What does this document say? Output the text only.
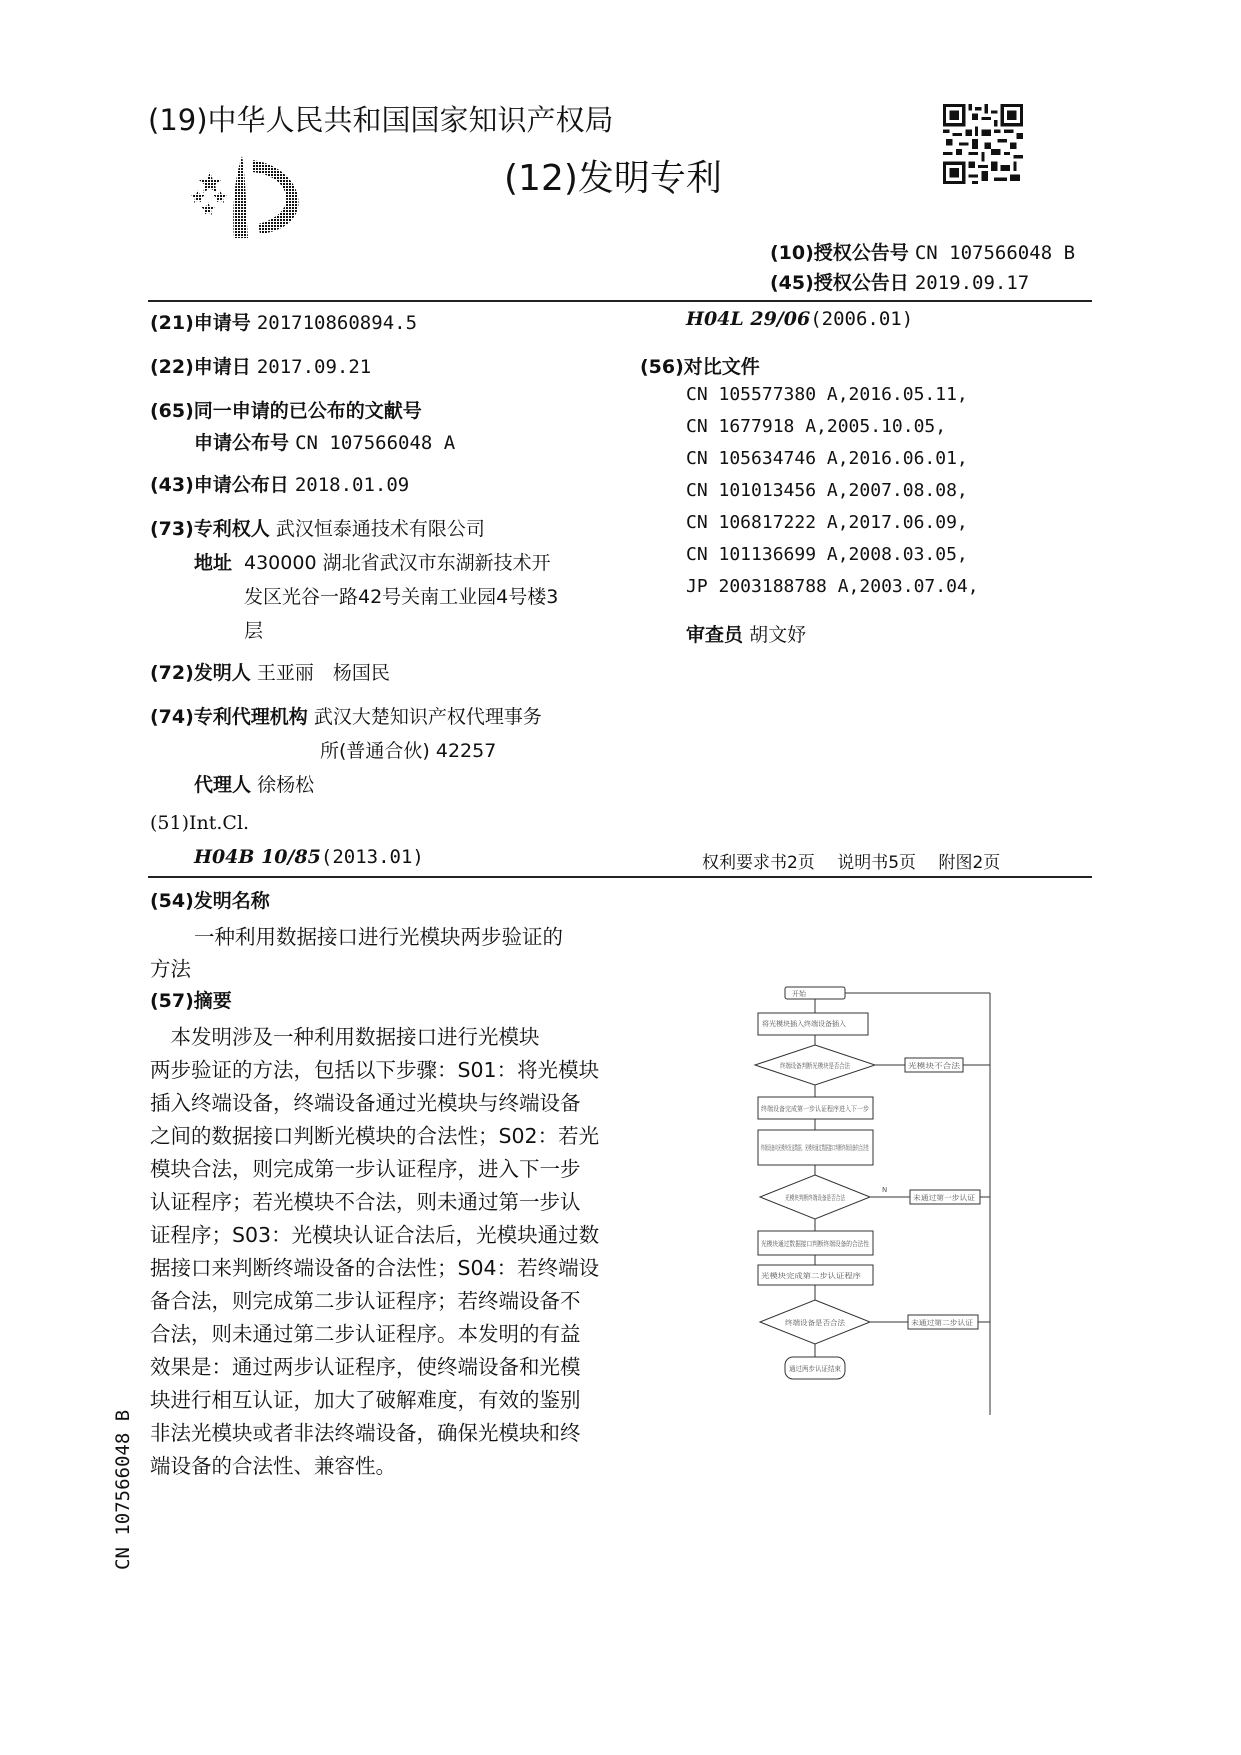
(19)中华人民共和国国家知识产权局
(12)发明专利
(10)授权公告号 CN 107566048 B
(45)授权公告日 2019.09.17
(21)申请号 201710860894.5
(22)申请日 2017.09.21
(65)同一申请的已公布的文献号
申请公布号 CN 107566048 A
(43)申请公布日 2018.01.09
(73)专利权人 武汉恒泰通技术有限公司
地址 430000 湖北省武汉市东湖新技术开
发区光谷一路42号关南工业园4号楼3
层
(72)发明人 王亚丽　杨国民
(74)专利代理机构 武汉大楚知识产权代理事务
所(普通合伙) 42257
代理人 徐杨松
(51)Int.Cl.
H04B 10/85(2013.01)
H04L 29/06(2006.01)
(56)对比文件
CN 105577380 A,2016.05.11,
CN 1677918 A,2005.10.05,
CN 105634746 A,2016.06.01,
CN 101013456 A,2007.08.08,
CN 106817222 A,2017.06.09,
CN 101136699 A,2008.03.05,
JP 2003188788 A,2003.07.04,
审查员 胡文妤
权利要求书2页　 说明书5页　 附图2页
(54)发明名称
一种利用数据接口进行光模块两步验证的
方法
(57)摘要
　本发明涉及一种利用数据接口进行光模块
两步验证的方法，包括以下步骤：S01：将光模块
插入终端设备，终端设备通过光模块与终端设备
之间的数据接口判断光模块的合法性；S02：若光
模块合法，则完成第一步认证程序，进入下一步
认证程序；若光模块不合法，则未通过第一步认
证程序；S03：光模块认证合法后，光模块通过数
据接口来判断终端设备的合法性；S04：若终端设
备合法，则完成第二步认证程序；若终端设备不
合法，则未通过第二步认证程序。本发明的有益
效果是：通过两步认证程序，使终端设备和光模
块进行相互认证，加大了破解难度，有效的鉴别
非法光模块或者非法终端设备，确保光模块和终
端设备的合法性、兼容性。
CN 107566048 B
开始
将光模块插入终端设备插入
终端设备判断光模块是否合法	光模块不合法
终端设备完成第一步认证程序进入下一步
终端设备向光模块发送数据，光模块通过数据接口判断终端设备的合法性
光模块判断终端设备是否合法
N
未通过第一步认证
光模块通过数据接口判断终端设备的合法性
光模块完成第二步认证程序
终端设备是否合法	未通过第二步认证
通过两步认证结束
